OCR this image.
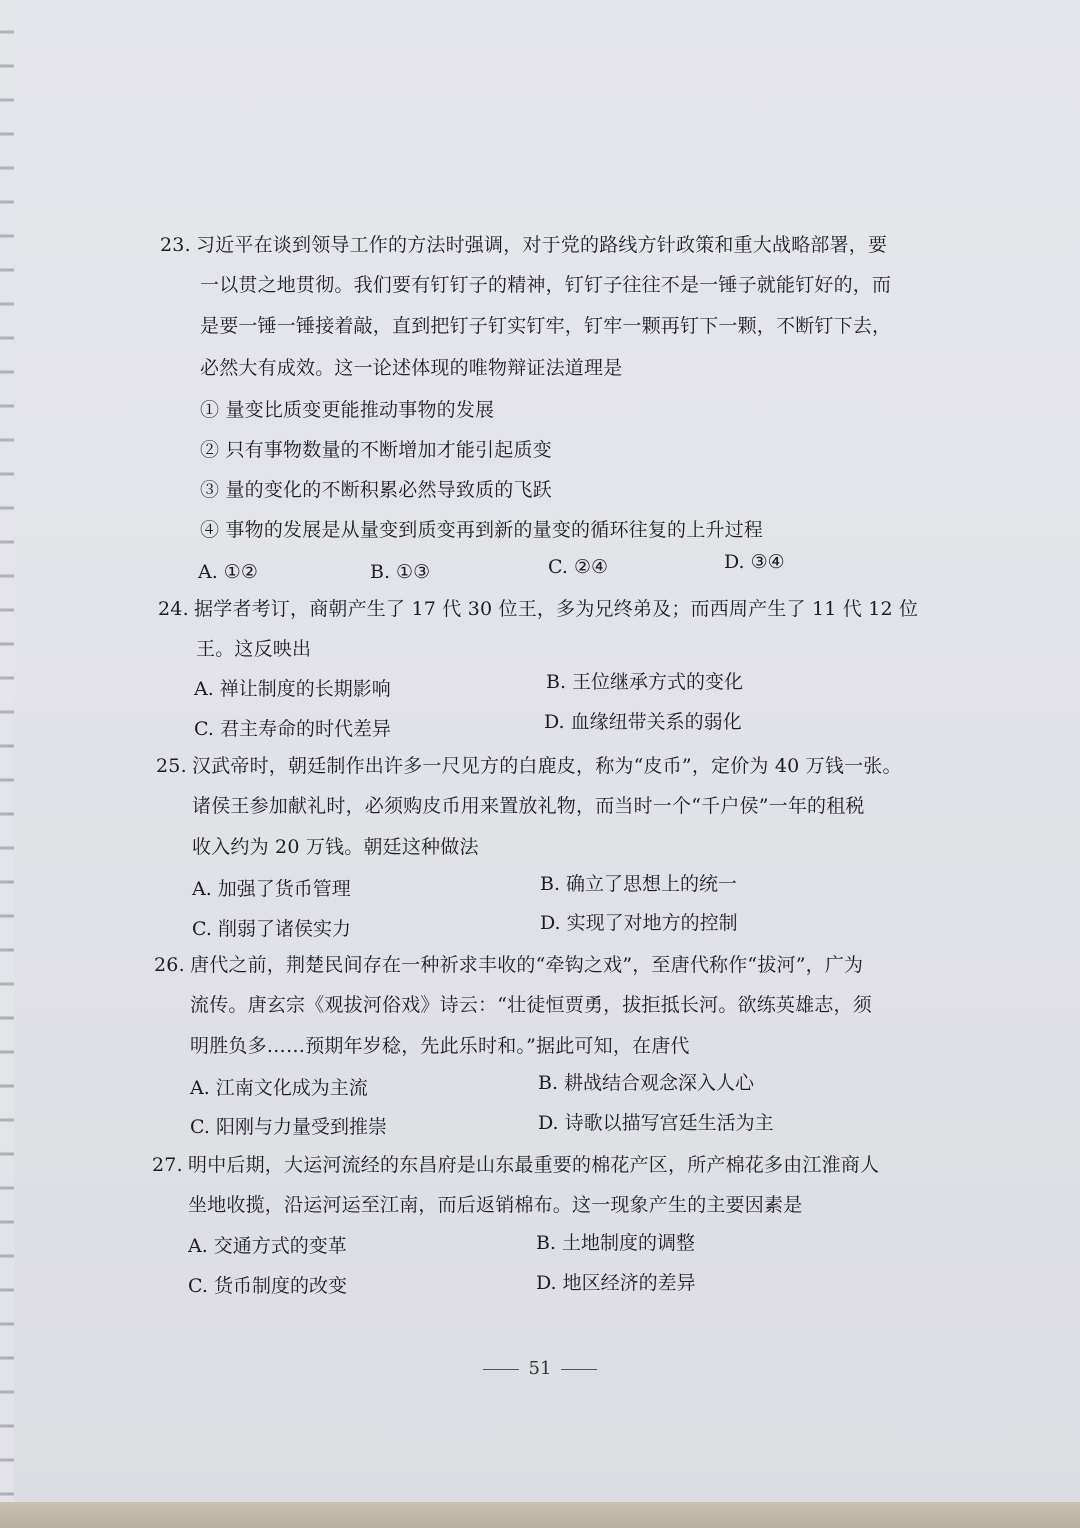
23. 习近平在谈到领导工作的方法时强调，对于党的路线方针政策和重大战略部署，要
一以贯之地贯彻。我们要有钉钉子的精神，钉钉子往往不是一锤子就能钉好的，而
是要一锤一锤接着敲，直到把钉子钉实钉牢，钉牢一颗再钉下一颗，不断钉下去，
必然大有成效。这一论述体现的唯物辩证法道理是
① 量变比质变更能推动事物的发展
② 只有事物数量的不断增加才能引起质变
③ 量的变化的不断积累必然导致质的飞跃
④ 事物的发展是从量变到质变再到新的量变的循环往复的上升过程
A. ①②	B. ①③	C. ②④	D. ③④
24. 据学者考订，商朝产生了 17 代 30 位王，多为兄终弟及；而西周产生了 11 代 12 位
王。这反映出
A. 禅让制度的长期影响	B. 王位继承方式的变化
C. 君主寿命的时代差异	D. 血缘纽带关系的弱化
25. 汉武帝时，朝廷制作出许多一尺见方的白鹿皮，称为“皮币”，定价为 40 万钱一张。
诸侯王参加献礼时，必须购皮币用来置放礼物，而当时一个“千户侯”一年的租税
收入约为 20 万钱。朝廷这种做法
A. 加强了货币管理	B. 确立了思想上的统一
C. 削弱了诸侯实力	D. 实现了对地方的控制
26. 唐代之前，荆楚民间存在一种祈求丰收的“牵钩之戏”，至唐代称作“拔河”，广为
流传。唐玄宗《观拔河俗戏》诗云：“壮徒恒贾勇，拔拒抵长河。欲练英雄志，须
明胜负多……预期年岁稔，先此乐时和。”据此可知，在唐代
A. 江南文化成为主流	B. 耕战结合观念深入人心
C. 阳刚与力量受到推崇	D. 诗歌以描写宫廷生活为主
27. 明中后期，大运河流经的东昌府是山东最重要的棉花产区，所产棉花多由江淮商人
坐地收揽，沿运河运至江南，而后返销棉布。这一现象产生的主要因素是
A. 交通方式的变革	B. 土地制度的调整
C. 货币制度的改变	D. 地区经济的差异
51
